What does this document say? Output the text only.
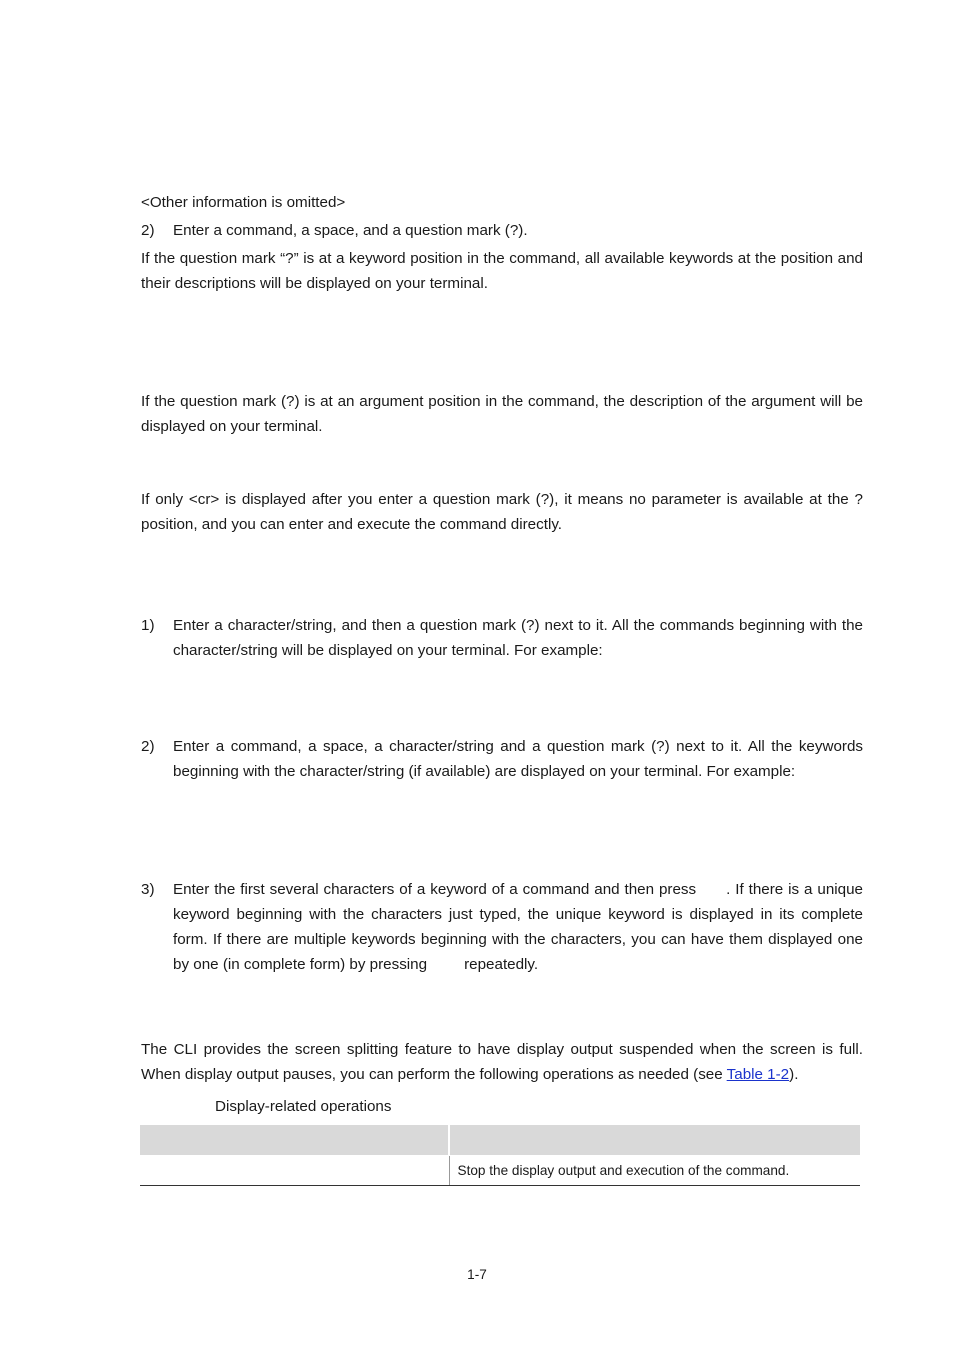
<Other information is omitted>
2) Enter a command, a space, and a question mark (?).
If the question mark “?” is at a keyword position in the command, all available keywords at the position and their descriptions will be displayed on your terminal.
If the question mark (?) is at an argument position in the command, the description of the argument will be displayed on your terminal.
If only <cr> is displayed after you enter a question mark (?), it means no parameter is available at the ? position, and you can enter and execute the command directly.
1) Enter a character/string, and then a question mark (?) next to it. All the commands beginning with the character/string will be displayed on your terminal. For example:
2) Enter a command, a space, a character/string and a question mark (?) next to it. All the keywords beginning with the character/string (if available) are displayed on your terminal. For example:
3) Enter the first several characters of a keyword of a command and then press . If there is a unique keyword beginning with the characters just typed, the unique keyword is displayed in its complete form. If there are multiple keywords beginning with the characters, you can have them displayed one by one (in complete form) by pressing repeatedly.
The CLI provides the screen splitting feature to have display output suspended when the screen is full. When display output pauses, you can perform the following operations as needed (see Table 1-2).
Display-related operations

	Stop the display output and execution of the command.
1-7
